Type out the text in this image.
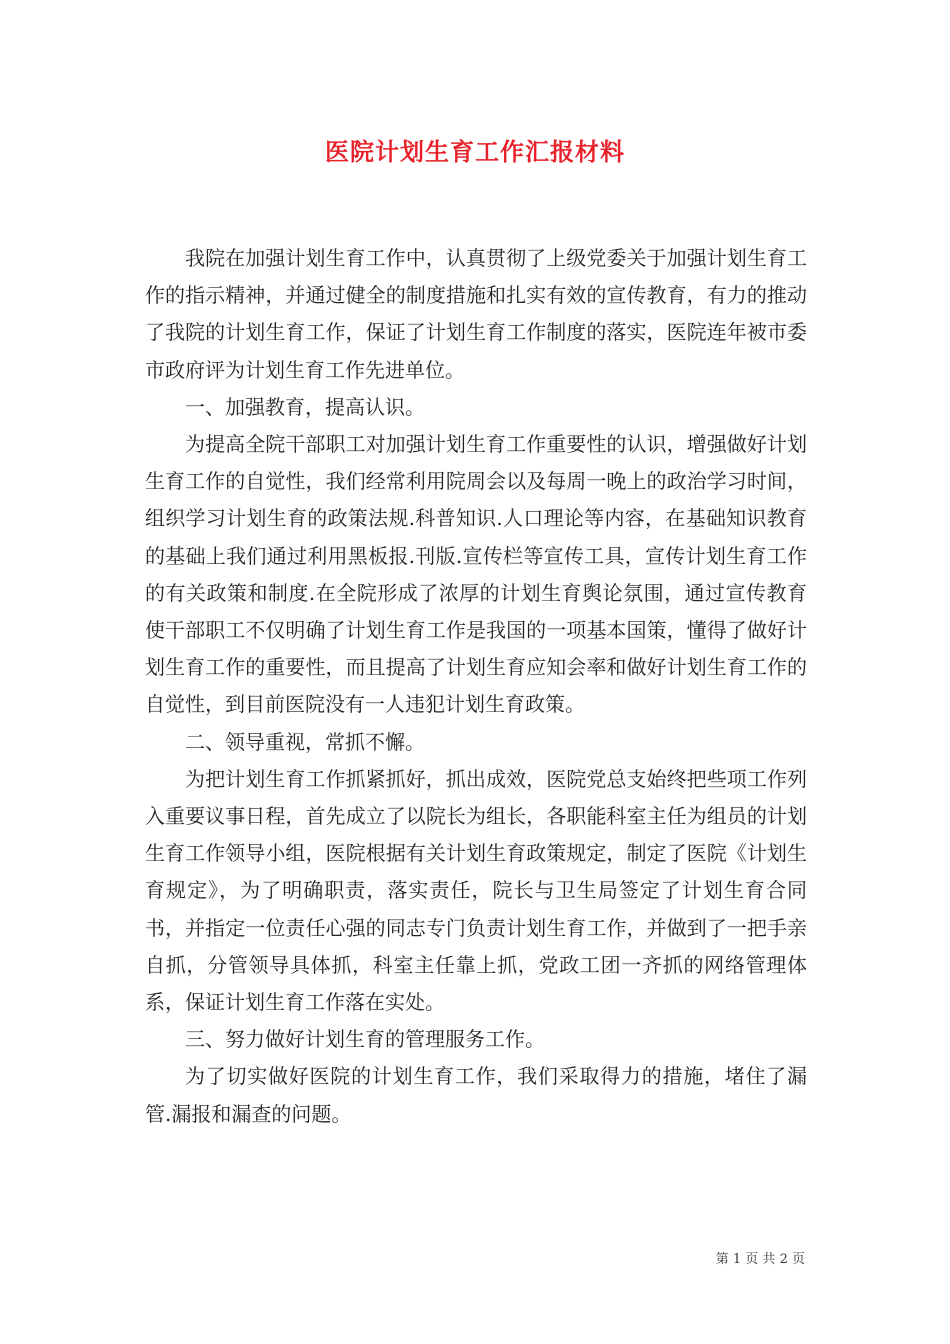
医院计划生育工作汇报材料

我院在加强计划生育工作中，认真贯彻了上级党委关于加强计划生育工作的指示精神，并通过健全的制度措施和扎实有效的宣传教育，有力的推动了我院的计划生育工作，保证了计划生育工作制度的落实，医院连年被市委市政府评为计划生育工作先进单位。

一、加强教育，提高认识。

为提高全院干部职工对加强计划生育工作重要性的认识，增强做好计划生育工作的自觉性，我们经常利用院周会以及每周一晚上的政治学习时间，组织学习计划生育的政策法规.科普知识.人口理论等内容，在基础知识教育的基础上我们通过利用黑板报.刊版.宣传栏等宣传工具，宣传计划生育工作的有关政策和制度.在全院形成了浓厚的计划生育舆论氛围，通过宣传教育使干部职工不仅明确了计划生育工作是我国的一项基本国策，懂得了做好计划生育工作的重要性，而且提高了计划生育应知会率和做好计划生育工作的自觉性，到目前医院没有一人违犯计划生育政策。

二、领导重视，常抓不懈。

为把计划生育工作抓紧抓好，抓出成效，医院党总支始终把些项工作列入重要议事日程，首先成立了以院长为组长，各职能科室主任为组员的计划生育工作领导小组，医院根据有关计划生育政策规定，制定了医院《计划生育规定》，为了明确职责，落实责任，院长与卫生局签定了计划生育合同书，并指定一位责任心强的同志专门负责计划生育工作，并做到了一把手亲自抓，分管领导具体抓，科室主任靠上抓，党政工团一齐抓的网络管理体系，保证计划生育工作落在实处。

三、努力做好计划生育的管理服务工作。

为了切实做好医院的计划生育工作，我们采取得力的措施，堵住了漏管.漏报和漏查的问题。

第 1 页 共 2 页
